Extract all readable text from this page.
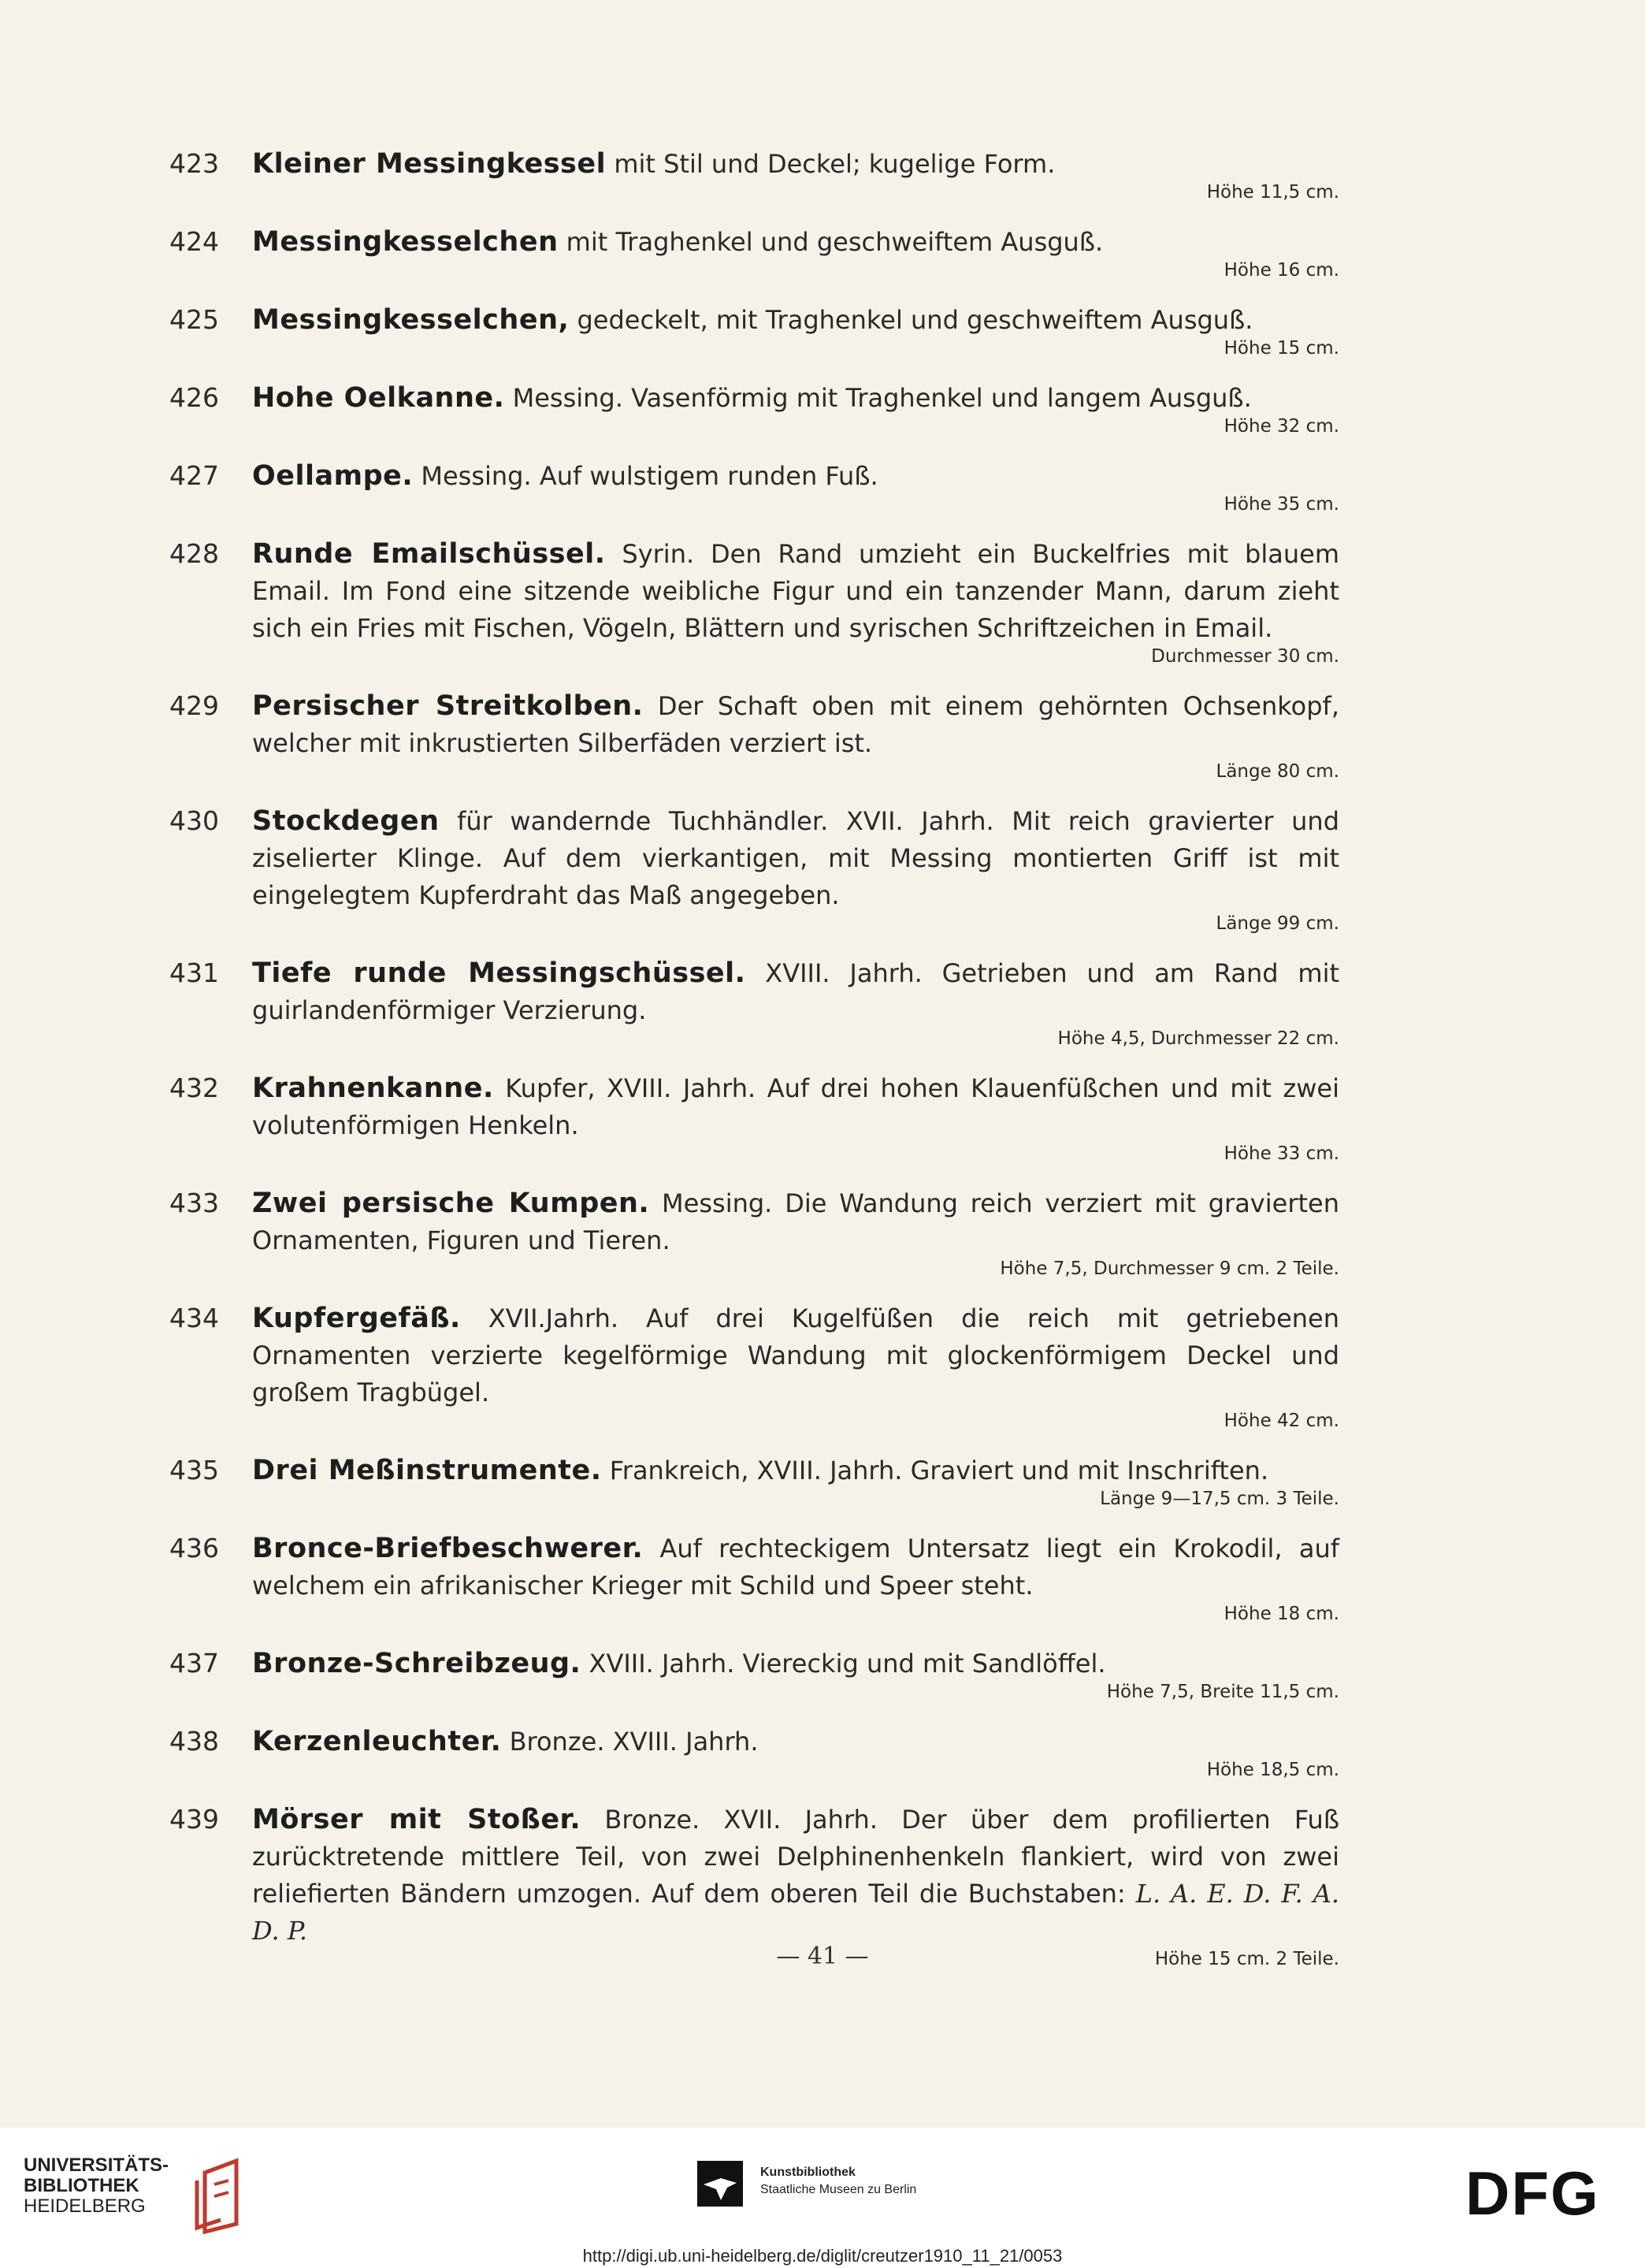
423	Kleiner Messingkessel mit Stil und Deckel; kugelige Form.
Höhe 11,5 cm.
424	Messingkesselchen mit Traghenkel und geschweiftem Ausguß.
Höhe 16 cm.
425	Messingkesselchen, gedeckelt, mit Traghenkel und geschweiftem Ausguß.
Höhe 15 cm.
426	Hohe Oelkanne. Messing. Vasenförmig mit Traghenkel und langem Ausguß.
Höhe 32 cm.
427	Oellampe. Messing. Auf wulstigem runden Fuß.
Höhe 35 cm.
428	Runde Emailschüssel. Syrin. Den Rand umzieht ein Buckelfries mit blauem Email. Im Fond eine sitzende weibliche Figur und ein tanzender Mann, darum zieht sich ein Fries mit Fischen, Vögeln, Blättern und syrischen Schriftzeichen in Email.
Durchmesser 30 cm.
429	Persischer Streitkolben. Der Schaft oben mit einem gehörnten Ochsenkopf, welcher mit inkrustierten Silberfäden verziert ist.
Länge 80 cm.
430	Stockdegen für wandernde Tuchhändler. XVII. Jahrh. Mit reich gravierter und ziselierter Klinge. Auf dem vierkantigen, mit Messing montierten Griff ist mit eingelegtem Kupferdraht das Maß angegeben.
Länge 99 cm.
431	Tiefe runde Messingschüssel. XVIII. Jahrh. Getrieben und am Rand mit guirlandenförmiger Verzierung.
Höhe 4,5, Durchmesser 22 cm.
432	Krahnenkanne. Kupfer, XVIII. Jahrh. Auf drei hohen Klauenfüßchen und mit zwei volutenförmigen Henkeln.
Höhe 33 cm.
433	Zwei persische Kumpen. Messing. Die Wandung reich verziert mit gravierten Ornamenten, Figuren und Tieren.
Höhe 7,5, Durchmesser 9 cm. 2 Teile.
434	Kupfergefäß. XVII.Jahrh. Auf drei Kugelfüßen die reich mit getriebenen Ornamenten verzierte kegelförmige Wandung mit glockenförmigem Deckel und großem Tragbügel.
Höhe 42 cm.
435	Drei Meßinstrumente. Frankreich, XVIII. Jahrh. Graviert und mit Inschriften.
Länge 9—17,5 cm. 3 Teile.
436	Bronce-Briefbeschwerer. Auf rechteckigem Untersatz liegt ein Krokodil, auf welchem ein afrikanischer Krieger mit Schild und Speer steht.
Höhe 18 cm.
437	Bronze-Schreibzeug. XVIII. Jahrh. Viereckig und mit Sandlöffel.
Höhe 7,5, Breite 11,5 cm.
438	Kerzenleuchter. Bronze. XVIII. Jahrh.
Höhe 18,5 cm.
439	Mörser mit Stoßer. Bronze. XVII. Jahrh. Der über dem profilierten Fuß zurücktretende mittlere Teil, von zwei Delphinenhenkeln flankiert, wird von zwei reliefierten Bändern umzogen. Auf dem oberen Teil die Buchstaben: L. A. E. D. F. A. D. P.
Höhe 15 cm. 2 Teile.
— 41 —
UNIVERSITÄTS-
BIBLIOTHEK
HEIDELBERG
Kunstbibliothek
Staatliche Museen zu Berlin	DFG
http://digi.ub.uni-heidelberg.de/diglit/creutzer1910_11_21/0053
